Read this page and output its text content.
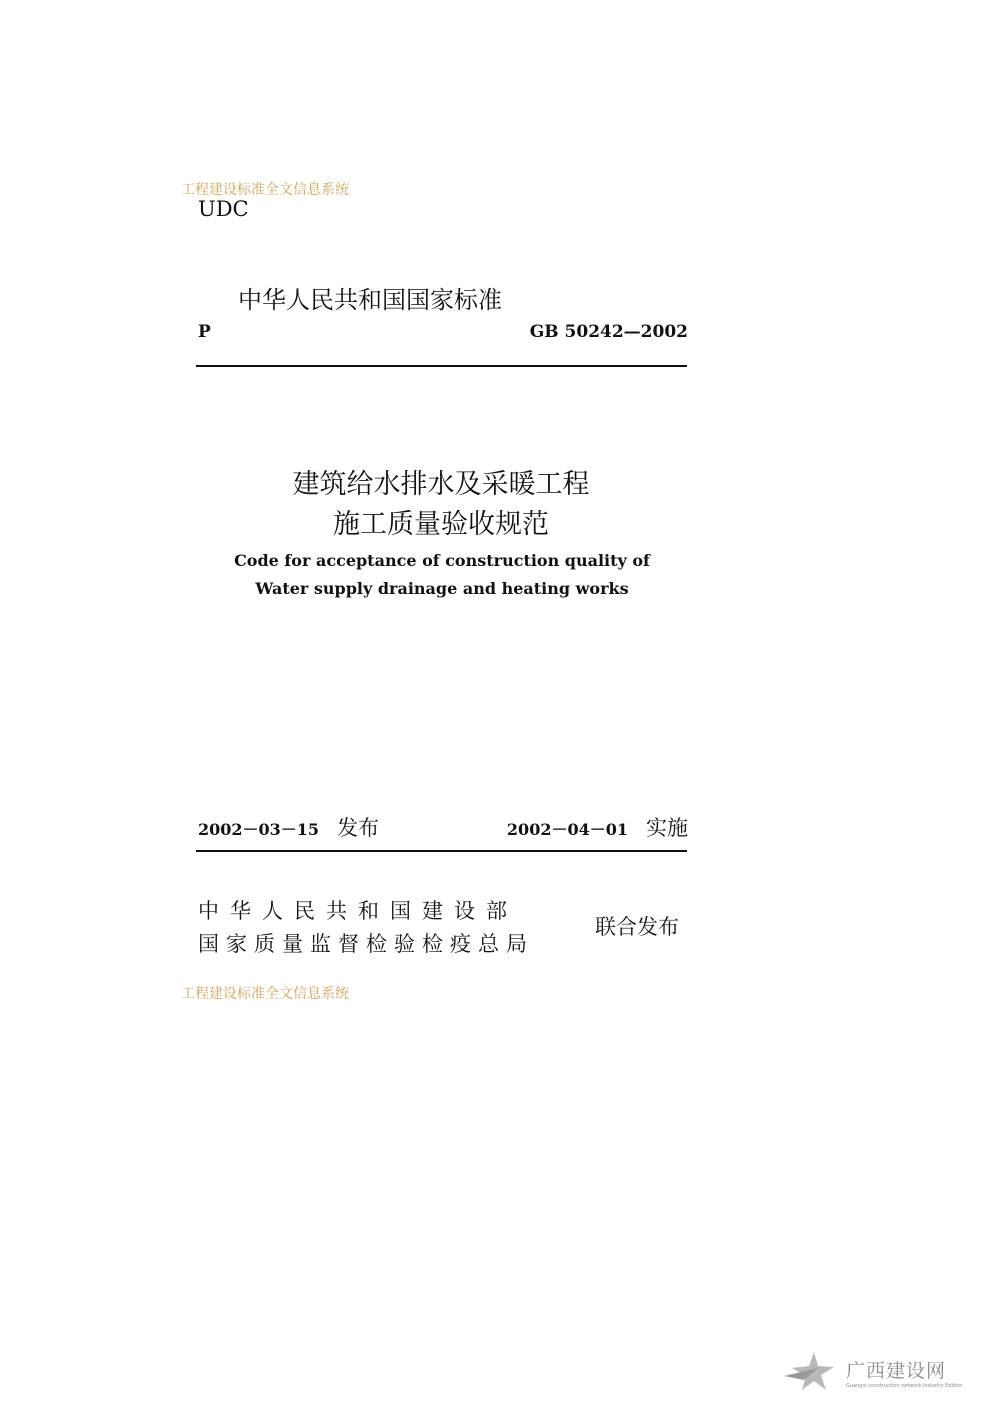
工程建设标准全文信息系统
UDC
中华人民共和国国家标准
P	GB 50242—2002
建筑给水排水及采暖工程
施工质量验收规范
Code for acceptance of construction quality of
Water supply drainage and heating works
2002－03－15 发布	2002－04－01 实施
中华人民共和国建设部
国家质量监督检验检疫总局
联合发布
工程建设标准全文信息系统
广西建设网
Guangxi construction network Industry Edition
